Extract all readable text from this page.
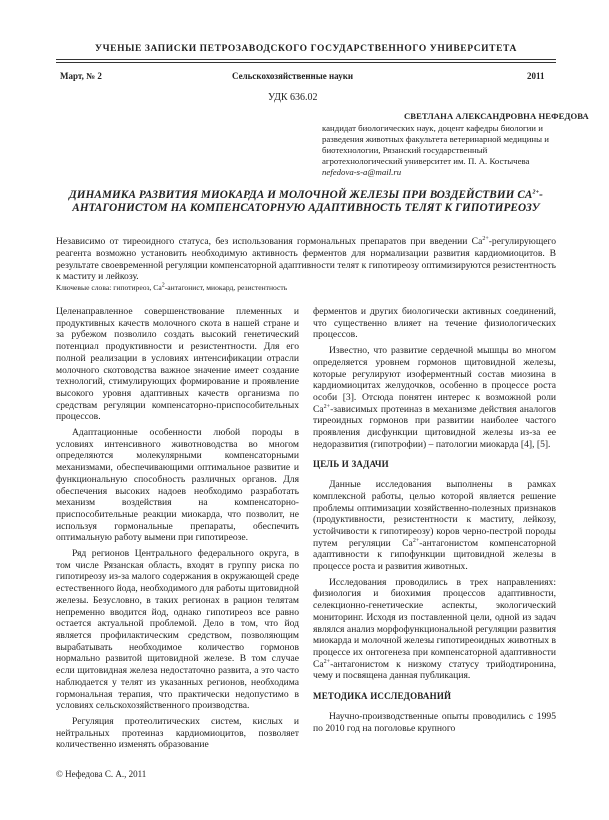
УЧЕНЫЕ ЗАПИСКИ ПЕТРОЗАВОДСКОГО ГОСУДАРСТВЕННОГО УНИВЕРСИТЕТА
Март, № 2	Сельскохозяйственные науки	2011
УДК 636.02
СВЕТЛАНА АЛЕКСАНДРОВНА НЕФЕДОВА
кандидат биологических наук, доцент кафедры биологии и разведения животных факультета ветеринарной медицины и биотехнологии, Рязанский государственный агротехнологический университет им. П. А. Костычева
nefedova-s-a@mail.ru
ДИНАМИКА РАЗВИТИЯ МИОКАРДА И МОЛОЧНОЙ ЖЕЛЕЗЫ ПРИ ВОЗДЕЙСТВИИ $CA^{2+}$-АНТАГОНИСТОМ НА КОМПЕНСАТОРНУЮ АДАПТИВНОСТЬ ТЕЛЯТ К ГИПОТИРЕОЗУ
Независимо от тиреоидного статуса, без использования гормональных препаратов при введении $Ca^{2+}$-регулирующего реагента возможно установить необходимую активность ферментов для нормализации развития кардиомиоцитов. В результате своевременной регуляции компенсаторной адаптивности телят к гипотиреозу оптимизируются резистентность к маститу и лейкозу.
Ключевые слова: гипотиреоз, Ca$^2$-антагонист, миокард, резистентность

Целенаправленное совершенствование племенных и продуктивных качеств молочного скота в нашей стране и за рубежом позволило создать высокий генетический потенциал продуктивности и резистентности. Для его полной реализации в условиях интенсификации отрасли молочного скотоводства важное значение имеет создание технологий, стимулирующих формирование и проявление высокого уровня адаптивных качеств организма по средствам регуляции компенсаторно-приспособительных процессов.

Адаптационные особенности любой породы в условиях интенсивного животноводства во многом определяются молекулярными компенсаторными механизмами, обеспечивающими оптимальное развитие и функциональную способность различных органов. Для обеспечения высоких надоев необходимо разработать механизм воздействия на компенсаторно-приспособительные реакции миокарда, что позволит, не используя гормональные препараты, обеспечить оптимальную работу вымени при гипотиреозе.

Ряд регионов Центрального федерального округа, в том числе Рязанская область, входят в группу риска по гипотиреозу из-за малого содержания в окружающей среде естественного йода, необходимого для работы щитовидной железы. Безусловно, в таких регионах в рацион телятам непременно вводится йод, однако гипотиреоз все равно остается актуальной проблемой. Дело в том, что йод является профилактическим средством, позволяющим вырабатывать необходимое количество гормонов нормально развитой щитовидной железе. В том случае если щитовидная железа недостаточно развита, а это часто наблюдается у телят из указанных регионов, необходима гормональная терапия, что практически недопустимо в условиях сельскохозяйственного производства.

Регуляция протеолитических систем, кислых и нейтральных протеиназ кардиомиоцитов, позволяет количественно изменять образование

ферментов и других биологически активных соединений, что существенно влияет на течение физиологических процессов.

Известно, что развитие сердечной мышцы во многом определяется уровнем гормонов щитовидной железы, которые регулируют изоферментный состав миозина в кардиомиоцитах желудочков, особенно в процессе роста особи [3]. Отсюда понятен интерес к возможной роли $Ca^{2+}$-зависимых протеиназ в механизме действия аналогов тиреоидных гормонов при развитии наиболее частого проявления дисфункции щитовидной железы из-за ее недоразвития (гипотрофии) – патологии миокарда [4], [5].

ЦЕЛЬ И ЗАДАЧИ

Данные исследования выполнены в рамках комплексной работы, целью которой является решение проблемы оптимизации хозяйственно-полезных признаков (продуктивности, резистентности к маститу, лейкозу, устойчивости к гипотиреозу) коров черно-пестрой породы путем регуляции $Ca^{2+}$-антагонистом компенсаторной адаптивности к гипофункции щитовидной железы в процессе роста и развития животных.

Исследования проводились в трех направлениях: физиология и биохимия процессов адаптивности, селекционно-генетические аспекты, экологический мониторинг. Исходя из поставленной цели, одной из задач являлся анализ морфофункциональной регуляции развития миокарда и молочной железы гипотиреоидных животных в процессе их онтогенеза при компенсаторной адаптивности $Ca^{2+}$-антагонистом к низкому статусу трийодтиронина, чему и посвящена данная публикация.

МЕТОДИКА ИССЛЕДОВАНИЙ

Научно-производственные опыты проводились с 1995 по 2010 год на поголовье крупного

© Нефедова С. А., 2011
